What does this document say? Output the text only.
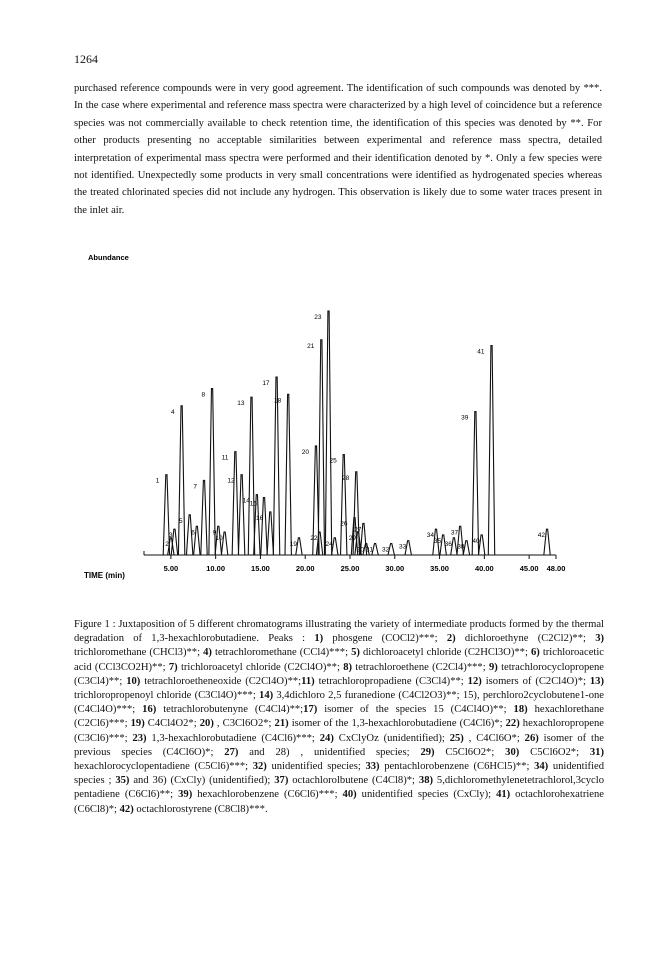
1264

purchased reference compounds were in very good agreement. The identification of such compounds was denoted by ***. In the case where experimental and reference mass spectra were characterized by a high level of coincidence but a reference species was not commercially available to check retention time, the identification of this species was denoted by **. For other products presenting no acceptable similarities between experimental and reference mass spectra, detailed interpretation of experimental mass spectra were performed and their identification denoted by *. Only a few species were not identified. Unexpectedly some products in very small concentrations were identified as hydrogenated species whereas the treated chlorinated species did not include any hydrogen. This observation is likely due to some water traces present in the inlet air.

Abundance
TIME (min)
1
2
3
4
5
6
7
8
9
10
11
12
13
14 15
16
17
18
19
20
21
22
23
24
25
26
27
28
29
30 31 32 33
34
35 36
37
38
39
40
41
42
5.00	10.00	15.00	20.00	25.00	30.00	35.00	40.00	45.00 48.00

Figure 1 : Juxtaposition of 5 different chromatograms illustrating the variety of intermediate products formed by the thermal degradation of 1,3-hexachlorobutadiene. Peaks : 1) phosgene (COCl2)***; 2) dichloroethyne (C2Cl2)**; 3) trichloromethane (CHCl3)**; 4) tetrachloromethane (CCl4)***; 5) dichloroacetyl chloride (C2HCl3O)**; 6) trichloroacetic acid (CCl3CO2H)**; 7) trichloroacetyl chloride (C2Cl4O)**; 8) tetrachloroethene (C2Cl4)***; 9) tetrachlorocyclopropene (C3Cl4)**; 10) tetrachloroetheneoxide (C2Cl4O)**;11) tetrachloropropadiene (C3Cl4)**; 12) isomers of (C2Cl4O)*; 13) trichloropropenoyl chloride (C3Cl4O)***; 14) 3,4dichloro 2,5 furanedione (C4Cl2O3)**; 15), perchloro2cyclobutene1-one (C4Cl4O)***; 16) tetrachlorobutenyne (C4Cl4)**;17) isomer of the species 15 (C4Cl4O)**; 18) hexachlorethane (C2Cl6)***; 19) C4Cl4O2*; 20) , C3Cl6O2*; 21) isomer of the 1,3-hexachlorobutadiene (C4Cl6)*; 22) hexachloropropene (C3Cl6)***; 23) 1,3-hexachlorobutadiene (C4Cl6)***; 24) CxClyOz (unidentified); 25) , C4Cl6O*; 26) isomer of the previous species (C4Cl6O)*; 27) and 28) , unidentified species; 29) C5Cl6O2*; 30) C5Cl6O2*; 31) hexachlorocyclopentadiene (C5Cl6)***; 32) unidentified species; 33) pentachlorobenzene (C6HCl5)**; 34) unidentified species ; 35) and 36) (CxCly) (unidentified); 37) octachlorolbutene (C4Cl8)*; 38) 5,dichloromethylenetetrachlorol,3cyclo pentadiene (C6Cl6)**; 39) hexachlorobenzene (C6Cl6)***; 40) unidentified species (CxCly); 41) octachlorohexatriene (C6Cl8)*; 42) octachlorostyrene (C8Cl8)***.
